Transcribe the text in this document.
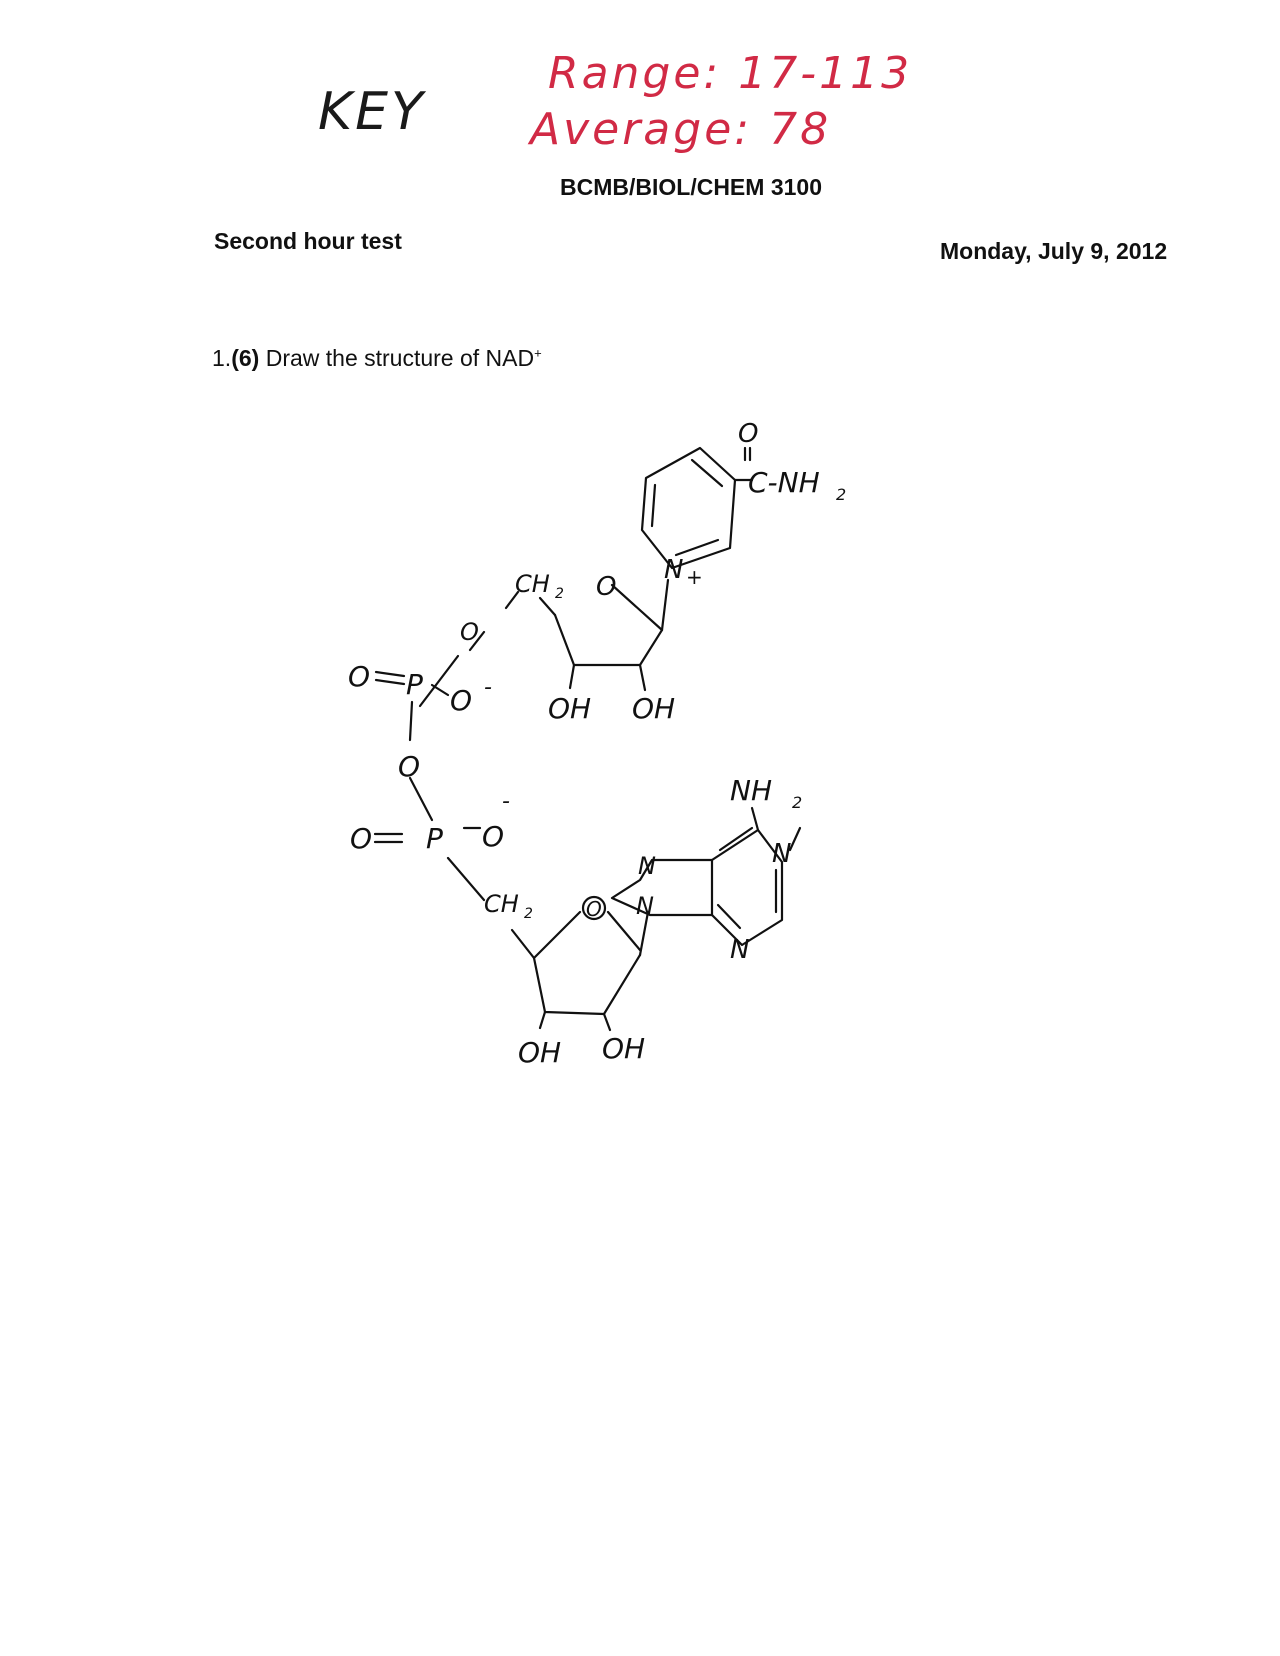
KEY
Range: 17-113
Average: 78
BCMB/BIOL/CHEM 3100
Second hour test	Monday, July 9, 2012
1.(6) Draw the structure of NAD+
O
C-NH 2
N +
CH 2 O
O
OH OH
O P O -
O
O P O
-
CH 2	O
OH OH
NH 2
N
N
N
N
